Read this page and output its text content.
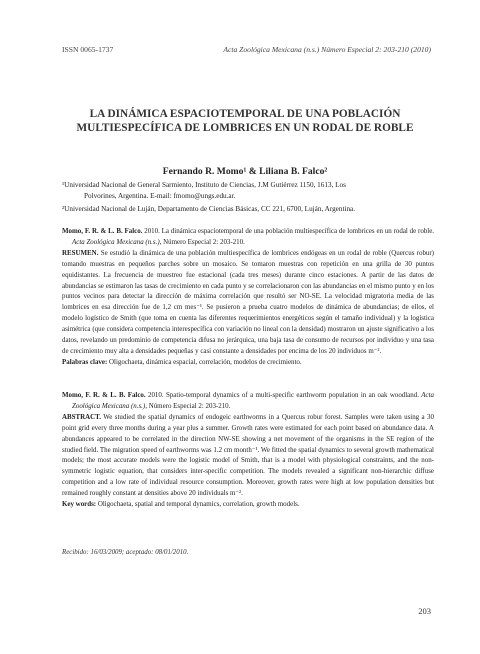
ISSN 0065-1737	Acta Zoológica Mexicana (n.s.) Número Especial 2: 203-210 (2010)
LA DINÁMICA ESPACIOTEMPORAL DE UNA POBLACIÓN MULTIESPECÍFICA DE LOMBRICES EN UN RODAL DE ROBLE
Fernando R. Momo¹ & Liliana B. Falco²
¹Universidad Nacional de General Sarmiento, Instituto de Ciencias, J.M Gutiérrez 1150, 1613, Los
Polvorines, Argentina. E-mail: fmomo@ungs.edu.ar.
²Universidad Nacional de Luján, Departamento de Ciencias Básicas, CC 221, 6700, Luján, Argentina.

Momo, F. R. & L. B. Falco. 2010. La dinámica espaciotemporal de una población multiespecífica de lombrices en un rodal de roble. Acta Zoológica Mexicana (n.s.), Número Especial 2: 203-210.

RESUMEN. Se estudió la dinámica de una población multiespecífica de lombrices endógeas en un rodal de roble (Quercus robur) tomando muestras en pequeños parches sobre un mosaico. Se tomaron muestras con repetición en una grilla de 30 puntos equidistantes. La frecuencia de muestreo fue estacional (cada tres meses) durante cinco estaciones. A partir de las datos de abundancias se estimaron las tasas de crecimiento en cada punto y se correlacionaron con las abundancias en el mismo punto y en los puntos vecinos para detectar la dirección de máxima correlación que resultó ser NO-SE. La velocidad migratoria media de las lombrices en esa dirección fue de 1,2 cm mes⁻¹. Se pusieron a prueba cuatro modelos de dinámica de abundancias; de ellos, el modelo logístico de Smith (que toma en cuenta las diferentes requerimientos energéticos según el tamaño individual) y la logística asimétrica (que considera competencia interespecífica con variación no lineal con la densidad) mostraron un ajuste significativo a los datos, revelando un predominio de competencia difusa no jerárquica, una baja tasa de consumo de recursos por individuo y una tasa de crecimiento muy alta a densidades pequeñas y casi constante a densidades por encima de los 20 individuos m⁻².

Palabras clave: Oligochaeta, dinámica espacial, correlación, modelos de crecimiento.

Momo, F. R. & L. B. Falco. 2010. Spatio-temporal dynamics of a multi-specific earthworm population in an oak woodland. Acta Zoológica Mexicana (n.s.), Número Especial 2: 203-210.

ABSTRACT. We studied the spatial dynamics of endogeic earthworms in a Quercus robur forest. Samples were taken using a 30 point grid every three months during a year plus a summer. Growth rates were estimated for each point based on abundance data. A abundances appeared to be correlated in the direction NW-SE showing a net movement of the organisms in the SE region of the studied field. The migration speed of earthworms was 1.2 cm month⁻¹. We fitted the spatial dynamics to several growth mathematical models; the most accurate models were the logistic model of Smith, that is a model with physiological constraints, and the non-symmetric logistic equation, that considers inter-specific competition. The models revealed a significant non-hierarchic diffuse competition and a low rate of individual resource consumption. Moreover, growth rates were high at low population densities but remained roughly constant at densities above 20 individuals m⁻².

Key words: Oligochaeta, spatial and temporal dynamics, correlation, growth models.

Recibido: 16/03/2009; aceptado: 08/01/2010.
203
